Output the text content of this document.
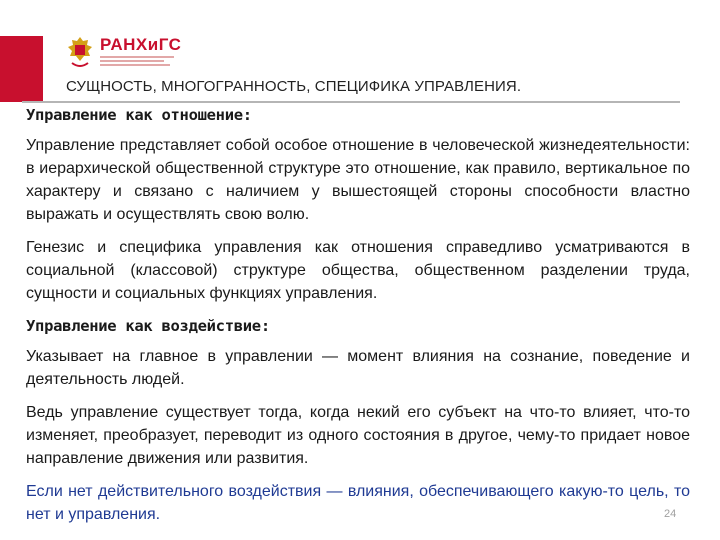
РАНХиГС
СУЩНОСТЬ, МНОГОГРАННОСТЬ, СПЕЦИФИКА УПРАВЛЕНИЯ.
Управление как отношение:

Управление представляет собой особое отношение в человеческой жизнедеятельности: в иерархической общественной структуре это отношение, как правило, вертикальное по характеру и связано с наличием у вышестоящей стороны способности властно выражать и осуществлять свою волю.

Генезис и специфика управления как отношения справедливо усматриваются в социальной (классовой) структуре общества, общественном разделении труда, сущности и социальных функциях управления.

Управление как воздействие:

Указывает на главное в управлении — момент влияния на сознание, поведение и деятельность людей.

Ведь управление существует тогда, когда некий его субъект на что-то влияет, что-то изменяет, преобразует, переводит из одного состояния в другое, чему-то придает новое направление движения или развития.

Если нет действительного воздействия — влияния, обеспечивающего какую-то цель, то нет и управления.	24
